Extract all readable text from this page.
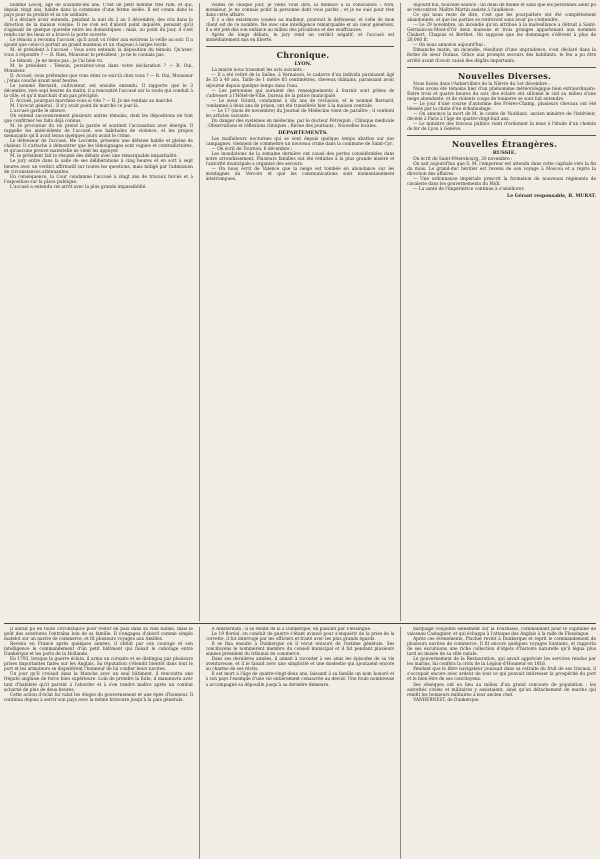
nommé Lecoq, âgé de soixante-dix ans. C'est un petit homme très ridé, et qui, depuis vingt ans, habite dans la commune d'une ferme isolée. Il est connu dans le pays pour sa probité et sa vie solitaire.

Il a déclaré avoir entendu, pendant la nuit du 2 au 3 décembre, des cris dans la direction de la maison voisine. Il ne s'en est d'abord point inquiété, pensant qu'il s'agissait de quelque querelle entre les domestiques ; mais, au point du jour, il s'est rendu sur les lieux et a trouvé la porte ouverte.

Le témoin a reconnu l'accusé, qu'il avait vu rôder aux environs la veille au soir. Il a ajouté que celui-ci portait un grand manteau et un chapeau à larges bords.

M. le président à l'accusé : Vous avez entendu la déposition du témoin. Qu'avez-vous à répondre ? — R. Rien, Monsieur le président ; je ne le connais pas.

Le témoin : Je ne mens pas ; je l'ai bien vu.

M. le président : Témoin, persistez-vous dans votre déclaration ? — R. Oui, Monsieur.

D. Accusé, vous prétendez que vous étiez ce soir-là chez vous ? — R. Oui, Monsieur ; j'étais couché avant neuf heures.

Le nommé Bernard, cultivateur, est ensuite entendu. Il rapporte que le 3 décembre, vers sept heures du matin, il a rencontré l'accusé sur la route qui conduit à la ville, et qu'il marchait d'un pas précipité.

D. Accusé, pourquoi marchiez-vous si vite ? — R. Je me rendais au marché.

M. l'avocat général : Il n'y avait point de marché ce jour-là.

L'accusé garde le silence.

On entend successivement plusieurs autres témoins, dont les dépositions ne font que confirmer les faits déjà connus.

M. le procureur du roi prend la parole et soutient l'accusation avec énergie. Il rappelle les antécédents de l'accusé, ses habitudes de violence, et les propos menaçants qu'il avait tenus quelques jours avant le crime.

Le défenseur de l'accusé, Me Lecomte, présente une défense habile et pleine de chaleur. Il s'attache à démontrer que les témoignages sont vagues et contradictoires, et qu'aucune preuve matérielle ne vient les appuyer.

M. le président fait le résumé des débats avec une remarquable impartialité.

Le jury entre dans la salle de ses délibérations à cinq heures et en sort à sept heures avec un verdict affirmatif sur toutes les questions, mais mitigé par l'admission de circonstances atténuantes.

En conséquence, la Cour condamne l'accusé à vingt ans de travaux forcés et à l'exposition sur la place publique.

L'accusé a entendu cet arrêt avec la plus grande impassibilité.

visites de chaque jour, je viens vous dire, la menace à la conscience : Non, monsieur, je ne connais point la personne dont vous parlez ; et je ne suis pour rien dans cette affaire.

Il y a des existences vouées au malheur, poursuit le défenseur, et celle de mon client est de ce nombre. Né avec une intelligence remarquable et un cœur généreux, il a été jeté dès son enfance au milieu des privations et des souffrances.

Après de longs débats, le jury rend un verdict négatif, et l'accusé est immédiatement mis en liberté.

Chronique.

LYON.

La mairie nous transmet les avis suivants :

— Il a été retiré de la Saône, à Vernaison, le cadavre d'un individu paraissant âgé de 35 à 40 ans. Taille de 1 mètre 65 centimètres, cheveux châtains, paraissant avoir séjourné depuis quelque temps dans l'eau.

— Les personnes qui auraient des renseignements à fournir sont priées de s'adresser à l'Hôtel-de-Ville, bureau de la police municipale.

— Le sieur Girard, condamné à dix ans de réclusion, et le nommé Bernard, condamné à deux ans de prison, ont été transférés hier à la maison centrale.

— Le 17 (mois de novembre) du Journal de Médecine vient de paraître ; il contient les articles suivants :

Du danger des systèmes en médecine, par le docteur Pétrequin ; Clinique médicale ; Observations et réflexions cliniques ; Revue des journaux ; Nouvelles locales.

DÉPARTEMENTS.

Les malfaiteurs nocturnes qui se sont depuis quelque temps abattus sur nos campagnes, viennent de commettre un nouveau crime dans la commune de Saint-Cyr.

— On écrit de Tournon, 6 décembre :

Les inondations de la semaine dernière ont causé des pertes considérables dans notre arrondissement. Plusieurs familles ont été réduites à la plus grande misère et l'autorité municipale a organisé des secours.

— On nous écrit de Valence que la neige est tombée en abondance sur les montagnes du Vercors et que les communications sont momentanément interrompues.

Aujourd'hui, nouvelle séance : un délai de même et sans que les personnes aient pu se rencontrer. Maître Martin assiste à l'audience.

Ce qui nous reste de dire, c'est que les pourparlers ont été complètement abandonnés, et que les parties se retireront sans avoir pu s'entendre.

— Le 29 novembre, un incendie qu'on attribue à la malveillance a détruit à Saint-Germain-au-Mont-d'Or deux maisons et trois granges appartenant aux nommés Chabert, Chapuis et Berthet. On suppose que les dommages s'élèvent à plus de 20,000 fr.

— On nous annonce aujourd'hui :

Dimanche matin, un incendie, résultant d'une imprudence, s'est déclaré dans la ferme du sieur Dumas. Grâce aux prompts secours des habitants, le feu a pu être arrêté avant d'avoir causé des dégâts importants.

Nouvelles Diverses.

Nous lisons dans l'Aubervillers de la Nièvre du 1er décembre :

Nous avons été témoins hier d'un phénomène météorologique bien extraordinaire. Entre trois et quatre heures du soir, des éclairs ont sillonné le ciel au milieu d'une neige abondante, et de violents coups de tonnerre se sont fait entendre.

— Le jour d'une course d'automne des Frères-Champ, plusieurs chevaux ont été blessés par la chute d'un échafaudage.

— On annonce la mort de M. le comte de Vaublanc, ancien ministre de l'intérieur, décédé à Paris à l'âge de quatre-vingt-huit ans.

— Le ministre des travaux publics vient d'ordonner la mise à l'étude d'un chemin de fer de Lyon à Genève.

Nouvelles Étrangères.

RUSSIE.

On écrit de Saint-Pétersbourg, 20 novembre :

On sait aujourd'hui que S. M. l'empereur est attendu dans cette capitale vers la fin du mois. Le grand-duc héritier est revenu de son voyage à Moscou et a repris la direction des affaires.

— Une ordonnance impériale prescrit la formation de nouveaux régiments de cavalerie dans les gouvernements du Midi.

— La santé de l'impératrice continue à s'améliorer.

Le Gérant responsable, B. MURAT.

Il aurait pu en toute circonstance pour rester en paix dans sa ville natale, mais le goût des aventures l'entraîna loin de sa famille. Il s'engagea d'abord comme simple matelot sur un navire de commerce, et fit plusieurs voyages aux Antilles.

Revenu en France après quelques années, il obtint par son courage et son intelligence le commandement d'un petit bâtiment qui faisait le cabotage entre Dunkerque et les ports de la Hollande.

En 1793, lorsque la guerre éclata, il arma un corsaire et se distingua par plusieurs prises importantes faites sur les Anglais. Sa réputation s'étendit bientôt dans tout le port et les armateurs se disputèrent l'honneur de lui confier leurs navires.

Un jour qu'il croisait dans la Manche avec un seul bâtiment, il rencontra une frégate anglaise de force bien supérieure. Loin de prendre la fuite, il manœuvra avec tant d'habileté qu'il parvint à l'aborder et à s'en rendre maître après un combat acharné de plus de deux heures.

Cette action d'éclat lui valut les éloges du gouvernement et une épée d'honneur. Il continua depuis à servir son pays avec la même bravoure jusqu'à la paix générale.

A Amsterdam ; il se rendit de là à Dunkerque, en passant par Flessingue.

Le 19 floréal, on conduit de guerre s'étant avancé pour s'enquérir de la prise de la corvette, il fut interrogé par les officiers et traité avec les plus grands égards.

Il se fixa ensuite à Dunkerque où il vécut entouré de l'estime générale. Ses concitoyens le nommèrent membre du conseil municipal et il fut pendant plusieurs années président du tribunal de commerce.

Dans ses dernières années, il aimait à raconter à ses amis les épisodes de sa vie aventureuse, et il le faisait avec une simplicité et une modestie qui ajoutaient encore au charme de ses récits.

Il est mort à l'âge de quatre-vingt-deux ans, laissant à sa famille un nom honoré et à son pays l'exemple d'une vie entièrement consacrée au devoir. Une foule nombreuse a accompagné sa dépouille jusqu'à sa dernière demeure.

narquage conjointe seulement sur la Fournaise, commandant pour le capitaine de vaisseau Castagnier, et qui échappa à l'attaque des Anglais à la rade de Flessingue.

Après ces événements, Pluchet revint à Dunkerque et reprit le commandement de plusieurs navires de commerce. Il fit encore quelques voyages lointains, et rapporta de ses excursions une riche collection d'objets d'histoire naturelle qu'il légua plus tard au musée de sa ville natale.

Le gouvernement de la Restauration, qui savait apprécier les services rendus par les marins, lui conféra la croix de la Légion-d'Honneur en 1816.

Pendant que le libre navigateur jouissait dans sa retraite du fruit de ses travaux, il s'occupait encore avec ardeur de tout ce qui pouvait intéresser la prospérité du port et le bien-être de ses concitoyens.

Ses obsèques ont eu lieu au milieu d'un grand concours de population ; les autorités civiles et militaires y assistaient, ainsi qu'un détachement de marins qui rendit les honneurs militaires à leur ancien chef.

VANDERNEST, de Dunkerque.
